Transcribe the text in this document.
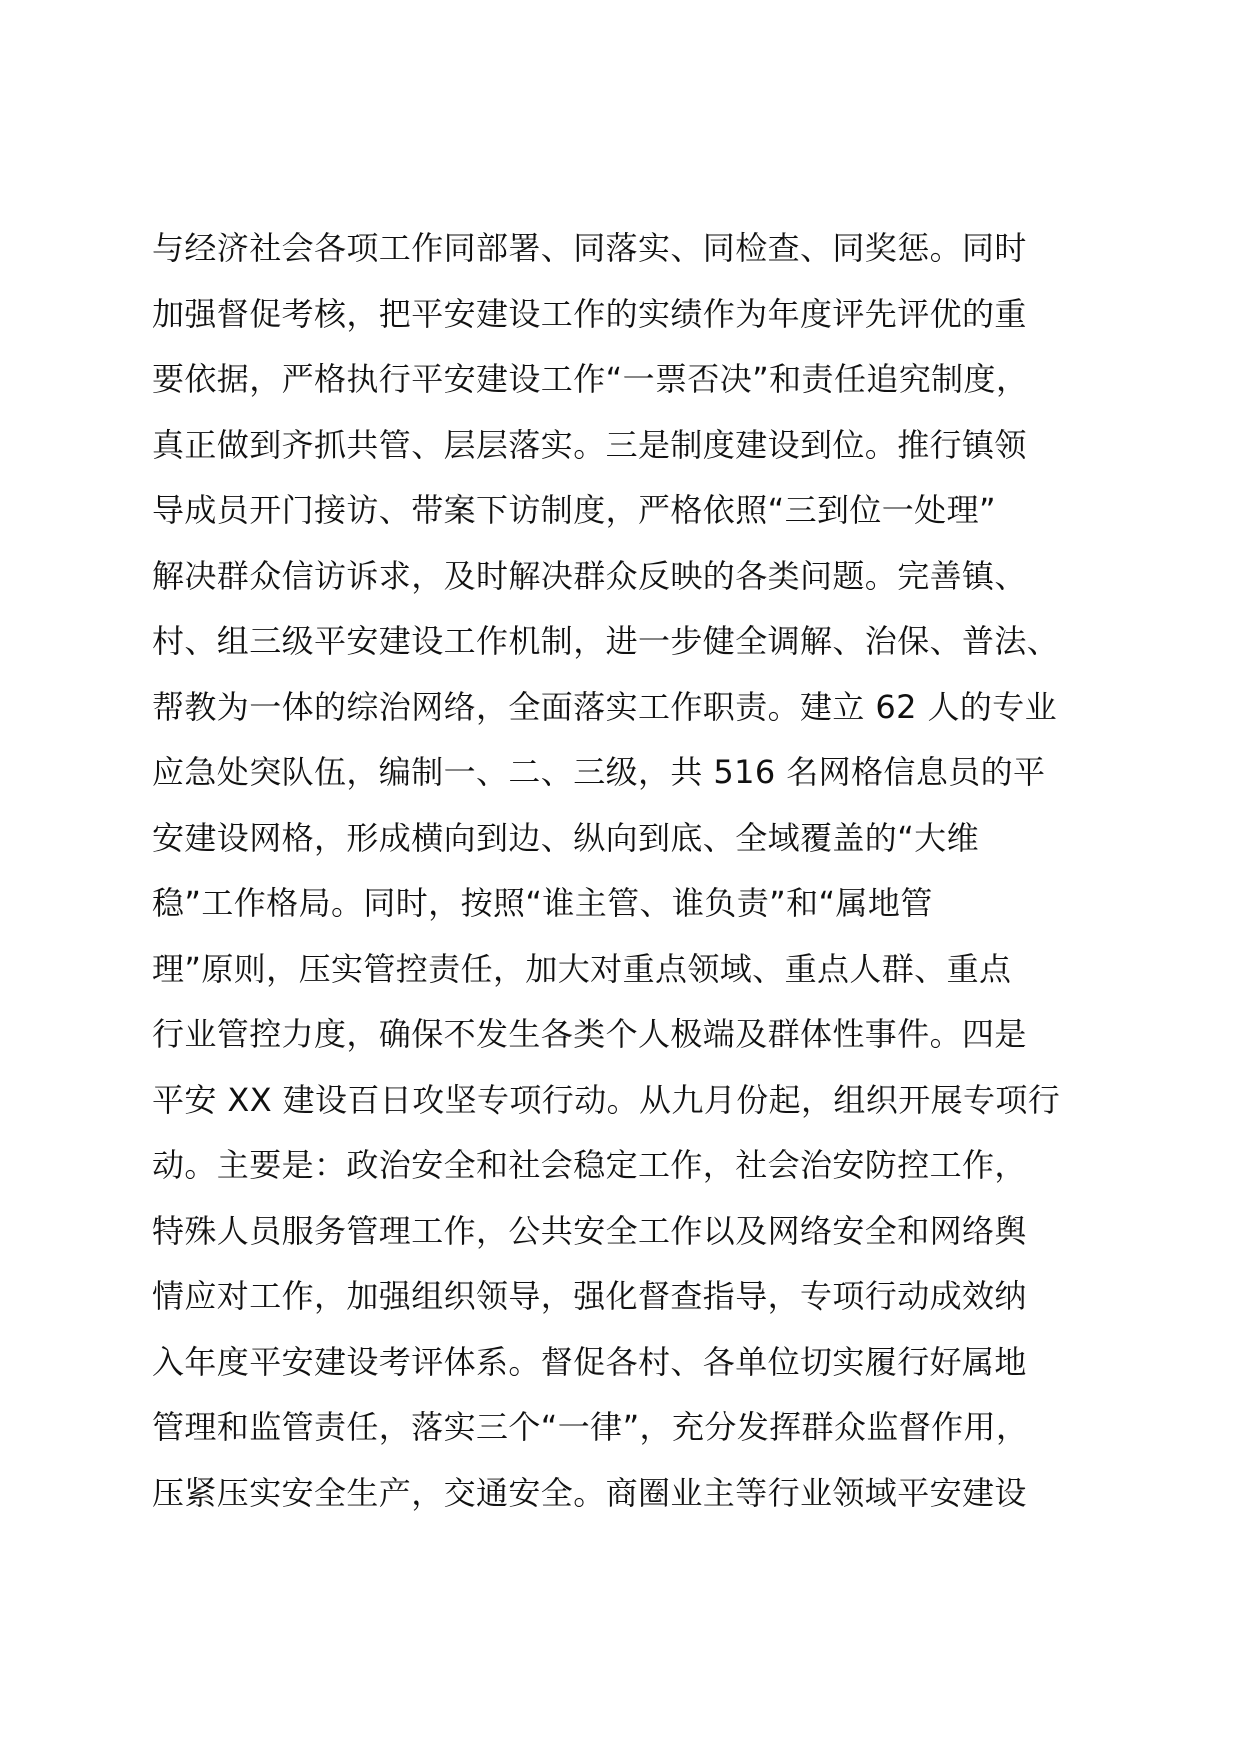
与经济社会各项工作同部署、同落实、同检查、同奖惩。同时
加强督促考核，把平安建设工作的实绩作为年度评先评优的重
要依据，严格执行平安建设工作“一票否决”和责任追究制度，
真正做到齐抓共管、层层落实。三是制度建设到位。推行镇领
导成员开门接访、带案下访制度，严格依照“三到位一处理”
解决群众信访诉求，及时解决群众反映的各类问题。完善镇、
村、组三级平安建设工作机制，进一步健全调解、治保、普法、
帮教为一体的综治网络，全面落实工作职责。建立 62 人的专业
应急处突队伍，编制一、二、三级，共 516 名网格信息员的平
安建设网格，形成横向到边、纵向到底、全域覆盖的“大维
稳”工作格局。同时，按照“谁主管、谁负责”和“属地管
理”原则，压实管控责任，加大对重点领域、重点人群、重点
行业管控力度，确保不发生各类个人极端及群体性事件。四是
平安 XX 建设百日攻坚专项行动。从九月份起，组织开展专项行
动。主要是：政治安全和社会稳定工作，社会治安防控工作，
特殊人员服务管理工作，公共安全工作以及网络安全和网络舆
情应对工作，加强组织领导，强化督查指导，专项行动成效纳
入年度平安建设考评体系。督促各村、各单位切实履行好属地
管理和监管责任，落实三个“一律”，充分发挥群众监督作用，
压紧压实安全生产，交通安全。商圈业主等行业领域平安建设
